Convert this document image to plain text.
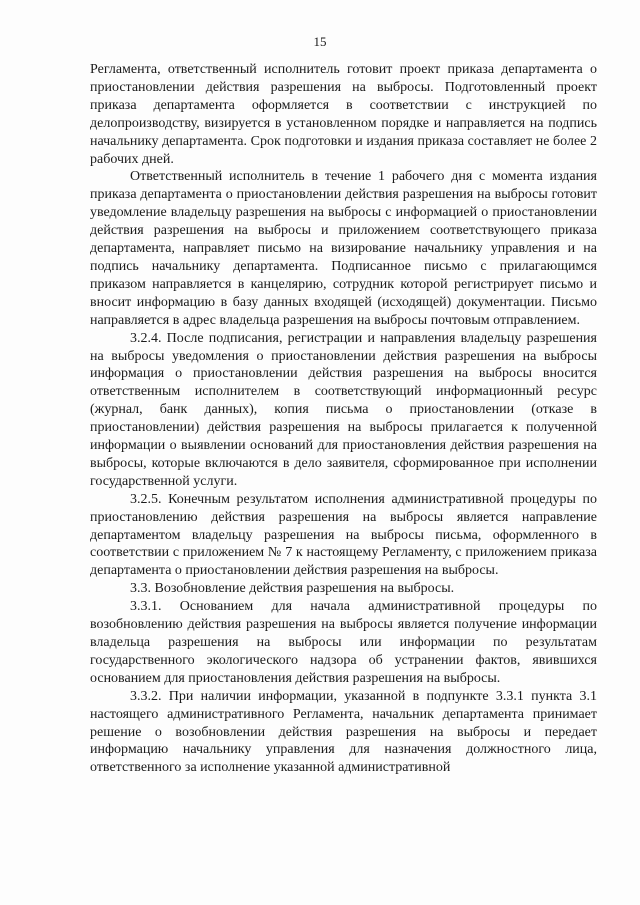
15

Регламента, ответственный исполнитель готовит проект приказа департамента о приостановлении действия разрешения на выбросы. Подготовленный проект приказа департамента оформляется в соответствии с инструкцией по делопроизводству, визируется в установленном порядке и направляется на подпись начальнику департамента. Срок подготовки и издания приказа составляет не более 2 рабочих дней.

Ответственный исполнитель в течение 1 рабочего дня с момента издания приказа департамента о приостановлении действия разрешения на выбросы готовит уведомление владельцу разрешения на выбросы с информацией о приостановлении действия разрешения на выбросы и приложением соответствующего приказа департамента, направляет письмо на визирование начальнику управления и на подпись начальнику департамента. Подписанное письмо с прилагающимся приказом направляется в канцелярию, сотрудник которой регистрирует письмо и вносит информацию в базу данных входящей (исходящей) документации. Письмо направляется в адрес владельца разрешения на выбросы почтовым отправлением.

3.2.4. После подписания, регистрации и направления владельцу разрешения на выбросы уведомления о приостановлении действия разрешения на выбросы информация о приостановлении действия разрешения на выбросы вносится ответственным исполнителем в соответствующий информационный ресурс (журнал, банк данных), копия письма о приостановлении (отказе в приостановлении) действия разрешения на выбросы прилагается к полученной информации о выявлении оснований для приостановления действия разрешения на выбросы, которые включаются в дело заявителя, сформированное при исполнении государственной услуги.

3.2.5. Конечным результатом исполнения административной процедуры по приостановлению действия разрешения на выбросы является направление департаментом владельцу разрешения на выбросы письма, оформленного в соответствии с приложением № 7 к настоящему Регламенту, с приложением приказа департамента о приостановлении действия разрешения на выбросы.

3.3. Возобновление действия разрешения на выбросы.

3.3.1. Основанием для начала административной процедуры по возобновлению действия разрешения на выбросы является получение информации владельца разрешения на выбросы или информации по результатам государственного экологического надзора об устранении фактов, явившихся основанием для приостановления действия разрешения на выбросы.

3.3.2. При наличии информации, указанной в подпункте 3.3.1 пункта 3.1 настоящего административного Регламента, начальник департамента принимает решение о возобновлении действия разрешения на выбросы и передает информацию начальнику управления для назначения должностного лица, ответственного за исполнение указанной административной
